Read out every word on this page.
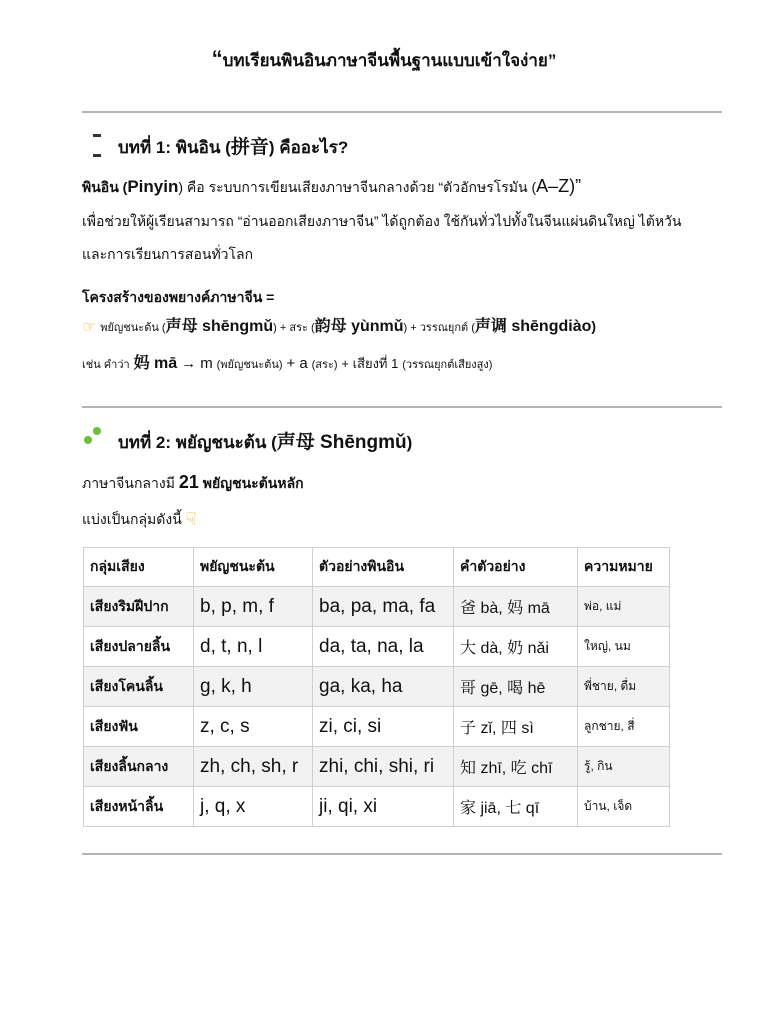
“บทเรียนพินอินภาษาจีนพื้นฐานแบบเข้าใจง่าย”
บทที่ 1: พินอิน (拼音) คืออะไร?
พินอิน (Pinyin) คือ ระบบการเขียนเสียงภาษาจีนกลางด้วย “ตัวอักษรโรมัน (A–Z)”
เพื่อช่วยให้ผู้เรียนสามารถ “อ่านออกเสียงภาษาจีน” ได้ถูกต้อง ใช้กันทั่วไปทั้งในจีนแผ่นดินใหญ่ ไต้หวัน
และการเรียนการสอนทั่วโลก
โครงสร้างของพยางค์ภาษาจีน =
☞ พยัญชนะต้น (声母 shēngmǔ) + สระ (韵母 yùnmǔ) + วรรณยุกต์ (声调 shēngdiào)
เช่น คำว่า 妈 mā → m (พยัญชนะต้น) + a (สระ) + เสียงที่ 1 (วรรณยุกต์เสียงสูง)
บทที่ 2: พยัญชนะต้น (声母 Shēngmǔ)
ภาษาจีนกลางมี 21 พยัญชนะต้นหลัก
แบ่งเป็นกลุ่มดังนี้ ☟
กลุ่มเสียง	พยัญชนะต้น	ตัวอย่างพินอิน	คำตัวอย่าง	ความหมาย
เสียงริมฝีปาก	b, p, m, f	ba, pa, ma, fa	爸 bà, 妈 mā	พ่อ, แม่
เสียงปลายลิ้น	d, t, n, l	da, ta, na, la	大 dà, 奶 nǎi	ใหญ่, นม
เสียงโคนลิ้น	g, k, h	ga, ka, ha	哥 gē, 喝 hē	พี่ชาย, ดื่ม
เสียงฟัน	z, c, s	zi, ci, si	子 zǐ, 四 sì	ลูกชาย, สี่
เสียงลิ้นกลาง	zh, ch, sh, r	zhi, chi, shi, ri	知 zhī, 吃 chī	รู้, กิน
เสียงหน้าลิ้น	j, q, x	ji, qi, xi	家 jiā, 七 qī	บ้าน, เจ็ด
